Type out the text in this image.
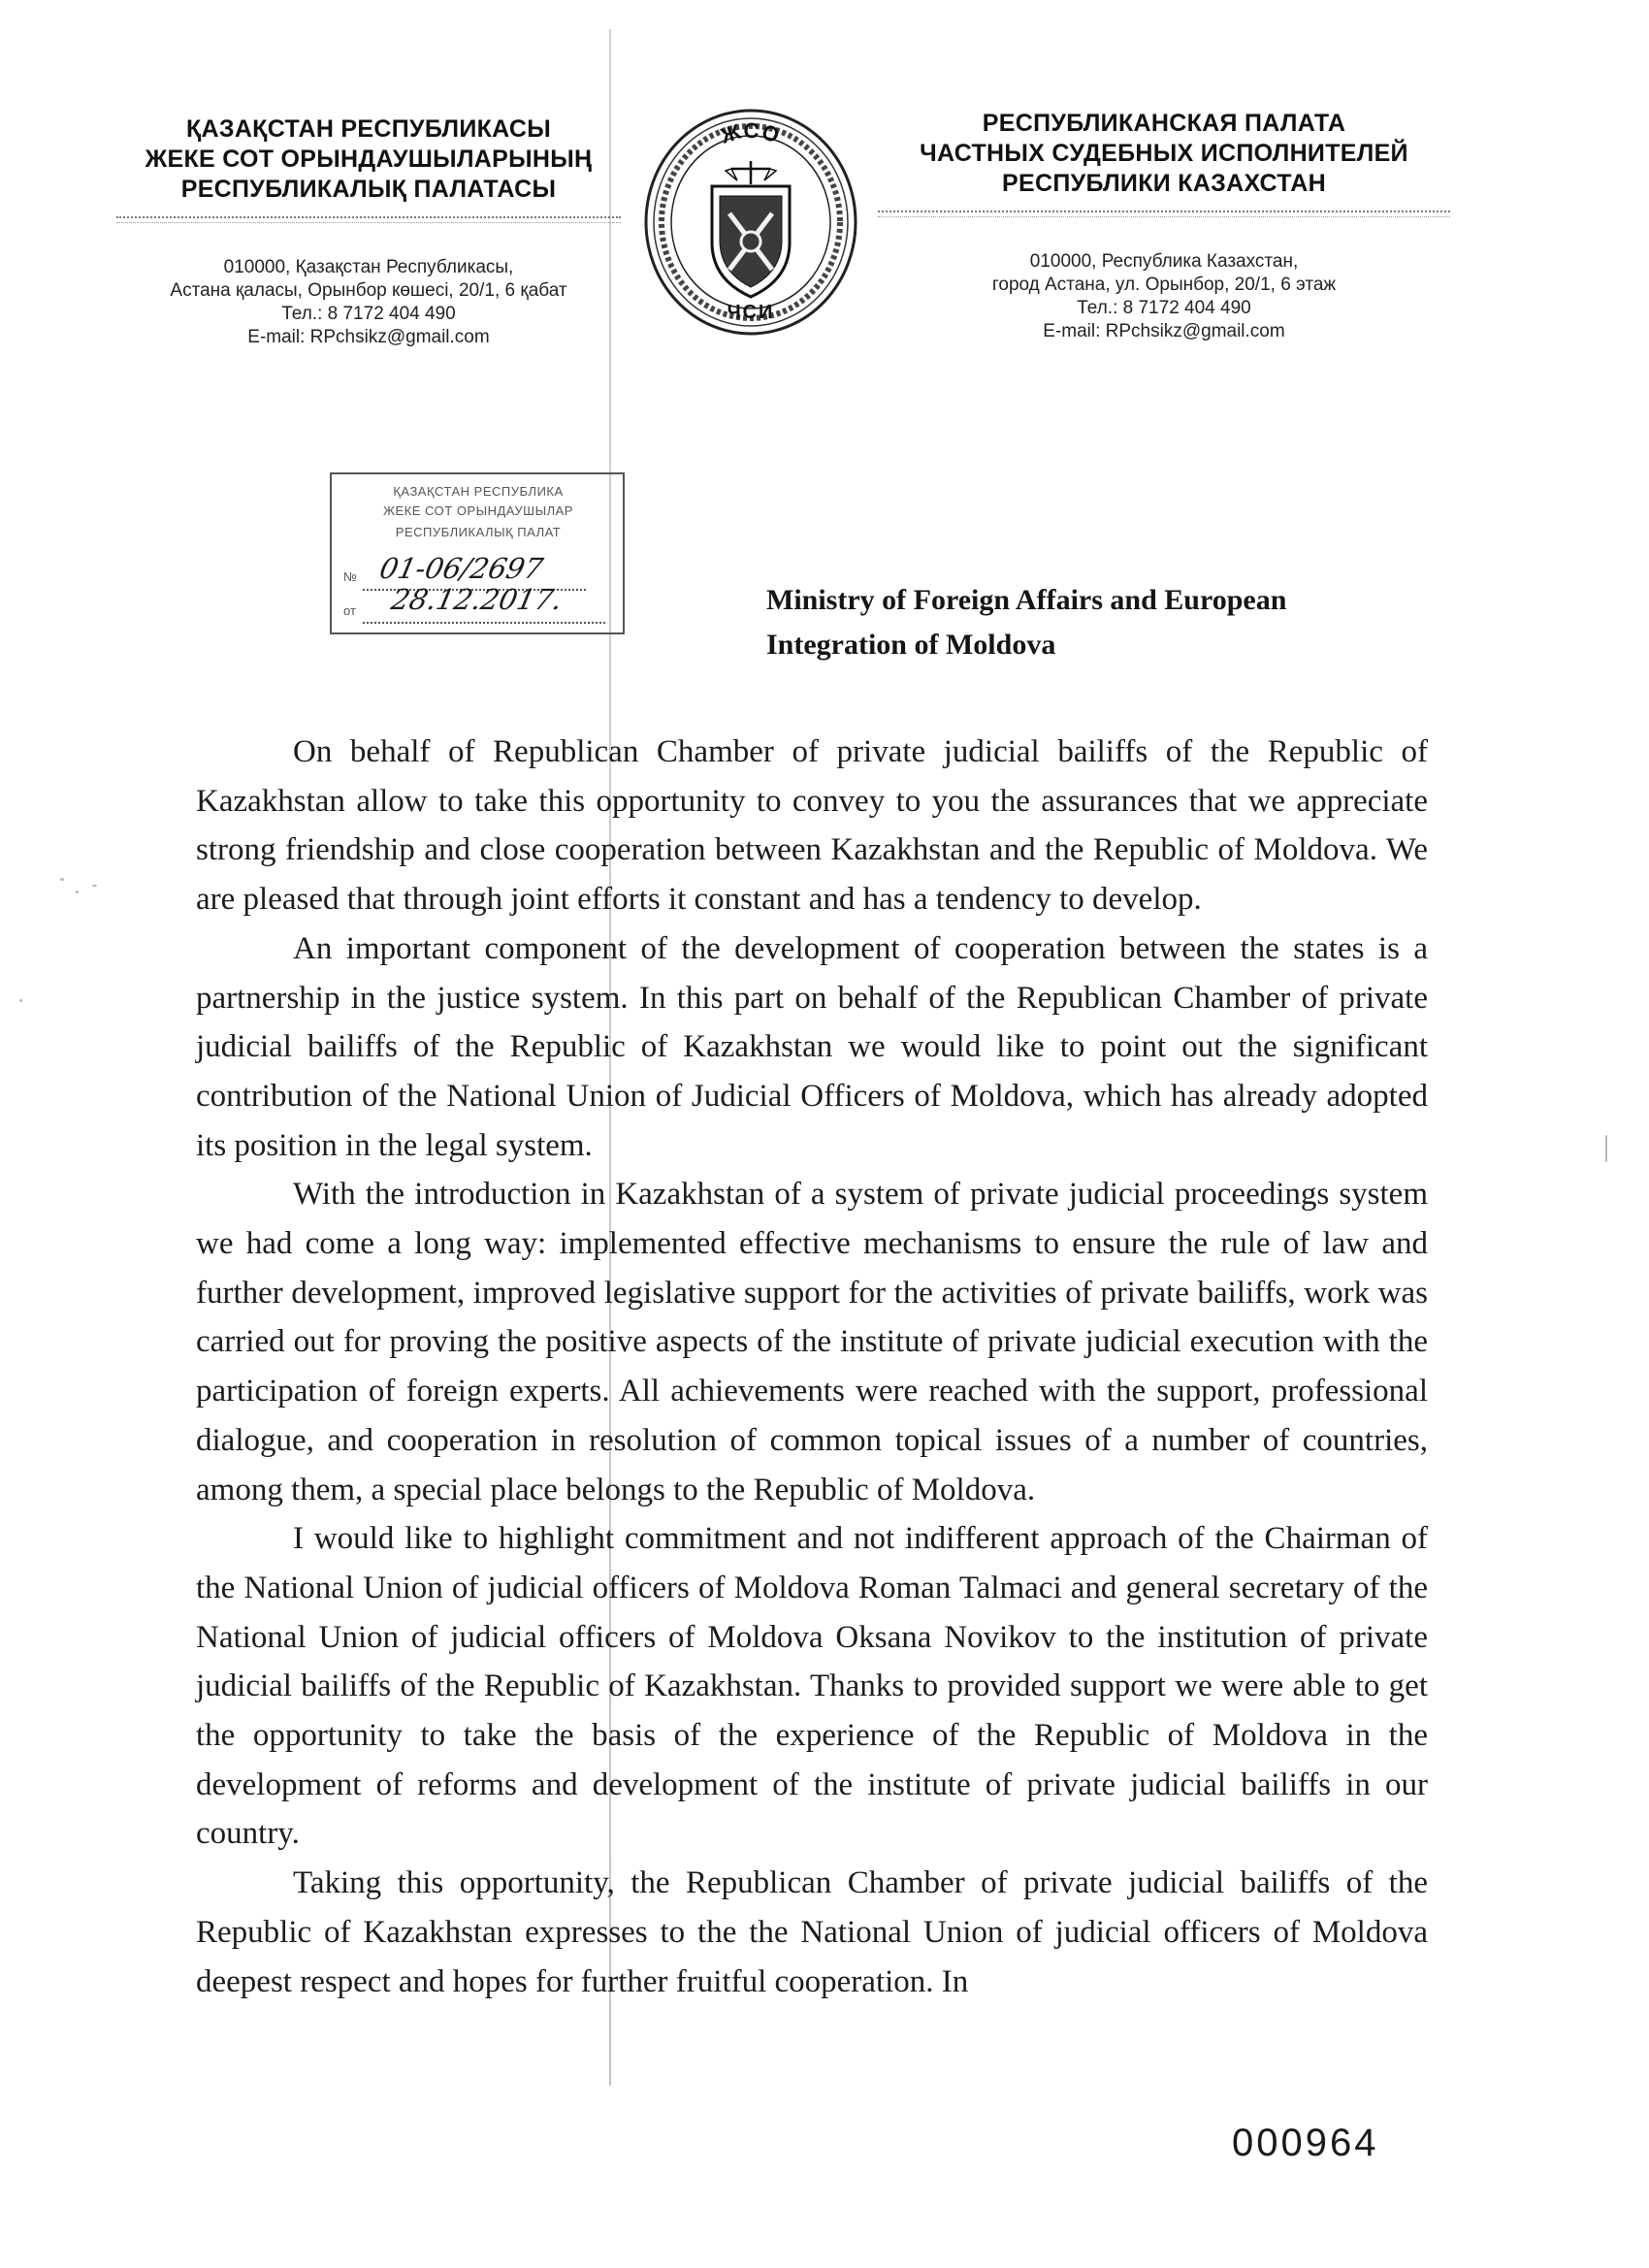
ҚАЗАҚСТАН РЕСПУБЛИКАСЫ
ЖЕКЕ СОТ ОРЫНДАУШЫЛАРЫНЫҢ
РЕСПУБЛИКАЛЫҚ ПАЛАТАСЫ
010000, Қазақстан Республикасы,
Астана қаласы, Орынбор көшесі, 20/1, 6 қабат
Тел.: 8 7172 404 490
E-mail: RPchsikz@gmail.com
ЖСО
ЧСИ
РЕСПУБЛИКАНСКАЯ ПАЛАТА
ЧАСТНЫХ СУДЕБНЫХ ИСПОЛНИТЕЛЕЙ
РЕСПУБЛИКИ КАЗАХСТАН
010000, Республика Казахстан,
город Астана, ул. Орынбор, 20/1, 6 этаж
Тел.: 8 7172 404 490
E-mail: RPchsikz@gmail.com
ҚАЗАҚСТАН РЕСПУБЛИКА
ЖЕКЕ СОТ ОРЫНДАУШЫЛАР
РЕСПУБЛИКАЛЫҚ ПАЛАТ
№ 01-06/2697
от 28.12.2017.	Ministry of Foreign Affairs and European
Integration of Moldova

On behalf of Republican Chamber of private judicial bailiffs of the Republic of Kazakhstan allow to take this opportunity to convey to you the assurances that we appreciate strong friendship and close cooperation between Kazakhstan and the Republic of Moldova. We are pleased that through joint efforts it constant and has a tendency to develop.

An important component of the development of cooperation between the states is a partnership in the justice system. In this part on behalf of the Republican Chamber of private judicial bailiffs of the Republic of Kazakhstan we would like to point out the significant contribution of the National Union of Judicial Officers of Moldova, which has already adopted its position in the legal system.

With the introduction in Kazakhstan of a system of private judicial proceedings system we had come a long way: implemented effective mechanisms to ensure the rule of law and further development, improved legislative support for the activities of private bailiffs, work was carried out for proving the positive aspects of the institute of private judicial execution with the participation of foreign experts. All achievements were reached with the support, professional dialogue, and cooperation in resolution of common topical issues of a number of countries, among them, a special place belongs to the Republic of Moldova.

I would like to highlight commitment and not indifferent approach of the Chairman of the National Union of judicial officers of Moldova Roman Talmaci and general secretary of the National Union of judicial officers of Moldova Oksana Novikov to the institution of private judicial bailiffs of the Republic of Kazakhstan. Thanks to provided support we were able to get the opportunity to take the basis of the experience of the Republic of Moldova in the development of reforms and development of the institute of private judicial bailiffs in our country.

Taking this opportunity, the Republican Chamber of private judicial bailiffs of the Republic of Kazakhstan expresses to the the National Union of judicial officers of Moldova deepest respect and hopes for further fruitful cooperation. In

000964
